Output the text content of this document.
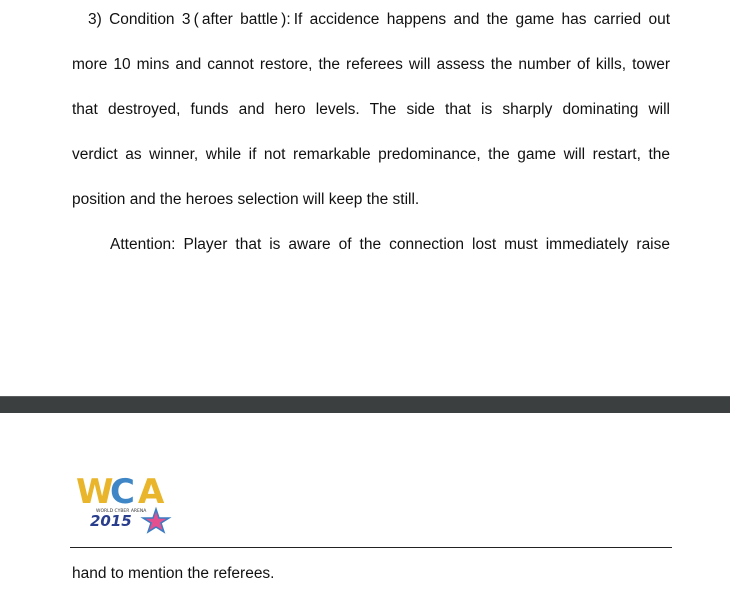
3) Condition 3 ( after battle ): If accidence happens and the game has carried out
more 10 mins and cannot restore, the referees will assess the number of kills, tower
that destroyed, funds and hero levels. The side that is sharply dominating will
verdict as winner, while if not remarkable predominance, the game will restart, the
position and the heroes selection will keep the still.
Attention: Player that is aware of the connection lost must immediately raise
W
C A
WORLD CYBER ARENA
2015
hand to mention the referees.
